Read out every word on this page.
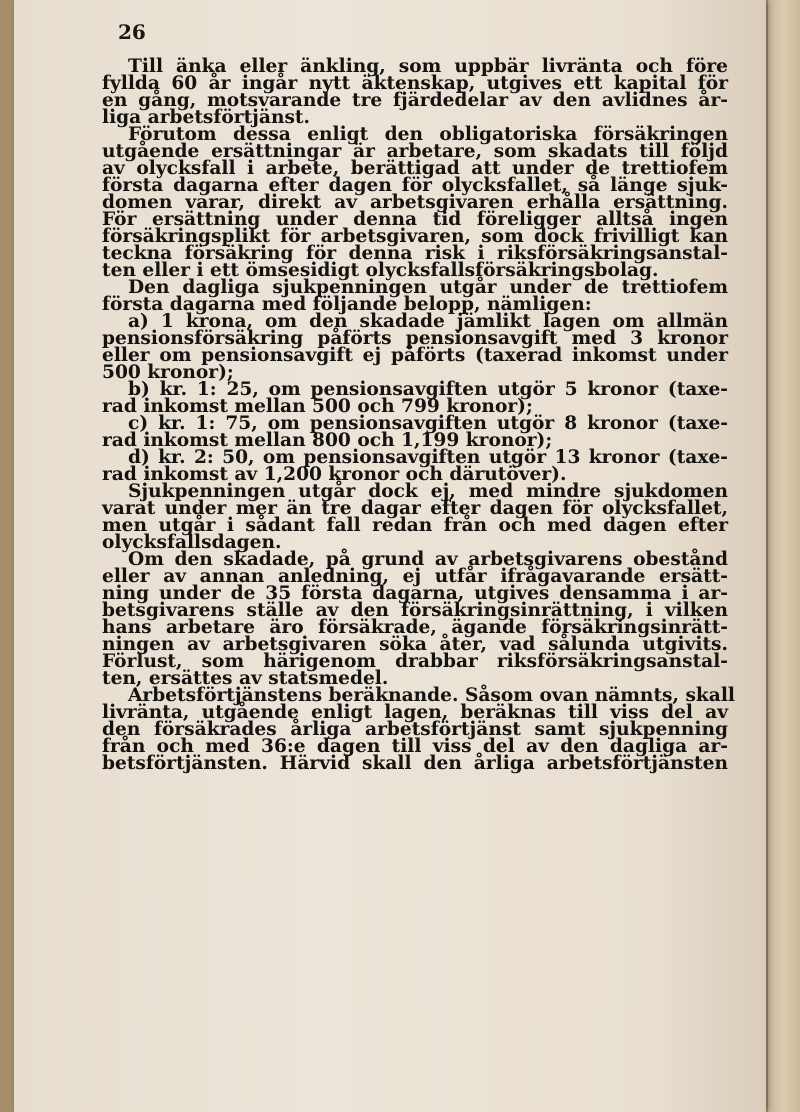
26
Till änka eller änkling, som uppbär livränta och före
fyllda 60 år ingår nytt äktenskap, utgives ett kapital för
en gång, motsvarande tre fjärdedelar av den avlidnes år-
liga arbetsförtjänst.
Förutom dessa enligt den obligatoriska försäkringen
utgående ersättningar är arbetare, som skadats till följd
av olycksfall i arbete, berättigad att under de trettiofem
första dagarna efter dagen för olycksfallet, så länge sjuk-
domen varar, direkt av arbetsgivaren erhålla ersättning.
För ersättning under denna tid föreligger alltså ingen
försäkringsplikt för arbetsgivaren, som dock frivilligt kan
teckna försäkring för denna risk i riksförsäkringsanstal-
ten eller i ett ömsesidigt olycksfallsförsäkringsbolag.
Den dagliga sjukpenningen utgår under de trettiofem
första dagarna med följande belopp, nämligen:
a) 1 krona, om den skadade jämlikt lagen om allmän
pensionsförsäkring påförts pensionsavgift med 3 kronor
eller om pensionsavgift ej påförts (taxerad inkomst under
500 kronor);
b) kr. 1: 25, om pensionsavgiften utgör 5 kronor (taxe-
rad inkomst mellan 500 och 799 kronor);
c) kr. 1: 75, om pensionsavgiften utgör 8 kronor (taxe-
rad inkomst mellan 800 och 1,199 kronor);
d) kr. 2: 50, om pensionsavgiften utgör 13 kronor (taxe-
rad inkomst av 1,200 kronor och därutöver).
Sjukpenningen utgår dock ej, med mindre sjukdomen
varat under mer än tre dagar efter dagen för olycksfallet,
men utgår i sådant fall redan från och med dagen efter
olycksfallsdagen.
Om den skadade, på grund av arbetsgivarens obestånd
eller av annan anledning, ej utfår ifrågavarande ersätt-
ning under de 35 första dagarna, utgives densamma i ar-
betsgivarens ställe av den försäkringsinrättning, i vilken
hans arbetare äro försäkrade, ägande försäkringsinrätt-
ningen av arbetsgivaren söka åter, vad sålunda utgivits.
Förlust, som härigenom drabbar riksförsäkringsanstal-
ten, ersättes av statsmedel.
Arbetsförtjänstens beräknande. Såsom ovan nämnts, skall
livränta, utgående enligt lagen, beräknas till viss del av
den försäkrades årliga arbetsförtjänst samt sjukpenning
från och med 36:e dagen till viss del av den dagliga ar-
betsförtjänsten. Härvid skall den årliga arbetsförtjänsten
